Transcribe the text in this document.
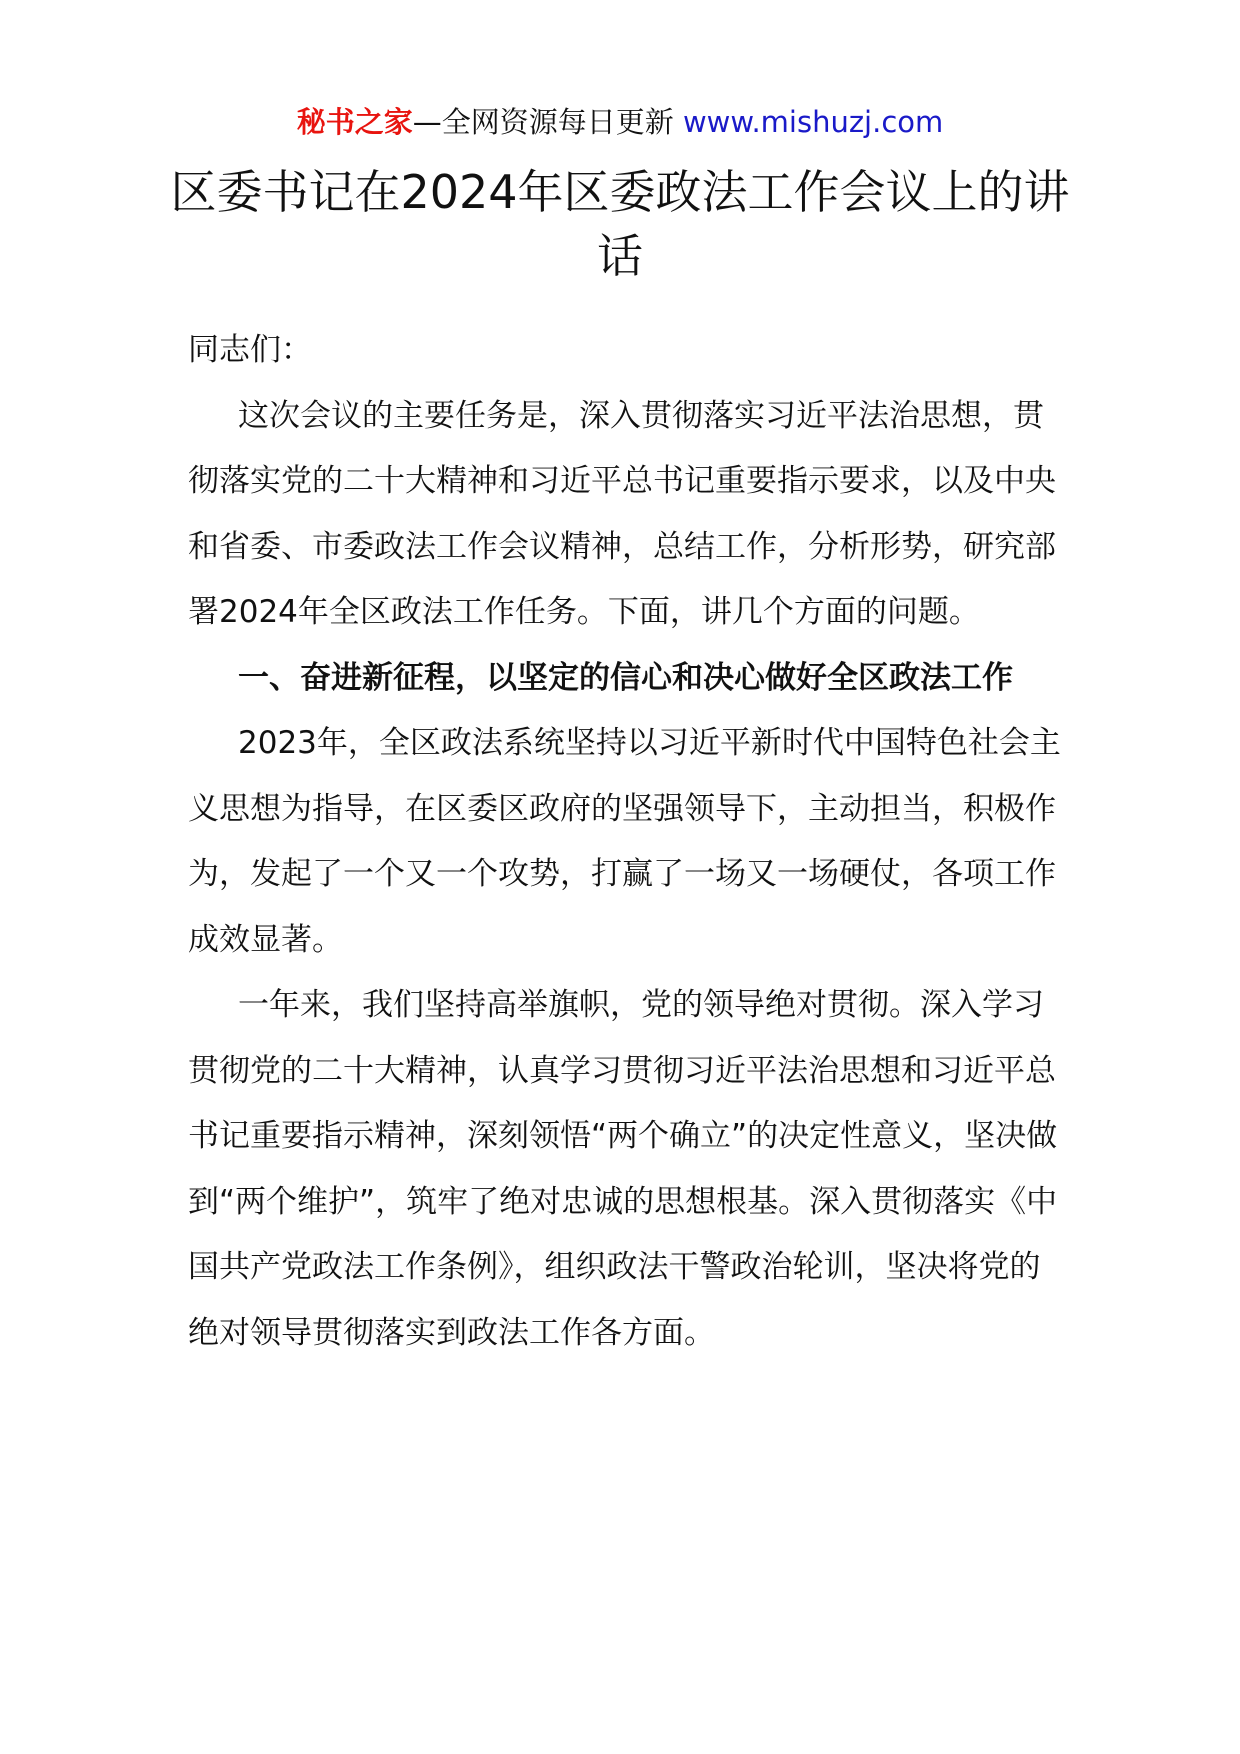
秘书之家—全网资源每日更新 www.mishuzj.com
区委书记在2024年区委政法工作会议上的讲话

同志们：

这次会议的主要任务是，深入贯彻落实习近平法治思想，贯彻落实党的二十大精神和习近平总书记重要指示要求，以及中央和省委、市委政法工作会议精神，总结工作，分析形势，研究部署2024年全区政法工作任务。下面，讲几个方面的问题。

一、奋进新征程，以坚定的信心和决心做好全区政法工作

2023年，全区政法系统坚持以习近平新时代中国特色社会主义思想为指导，在区委区政府的坚强领导下，主动担当，积极作为，发起了一个又一个攻势，打赢了一场又一场硬仗，各项工作成效显著。

一年来，我们坚持高举旗帜，党的领导绝对贯彻。深入学习贯彻党的二十大精神，认真学习贯彻习近平法治思想和习近平总书记重要指示精神，深刻领悟“两个确立”的决定性意义，坚决做到“两个维护”，筑牢了绝对忠诚的思想根基。深入贯彻落实《中国共产党政法工作条例》，组织政法干警政治轮训，坚决将党的绝对领导贯彻落实到政法工作各方面。
